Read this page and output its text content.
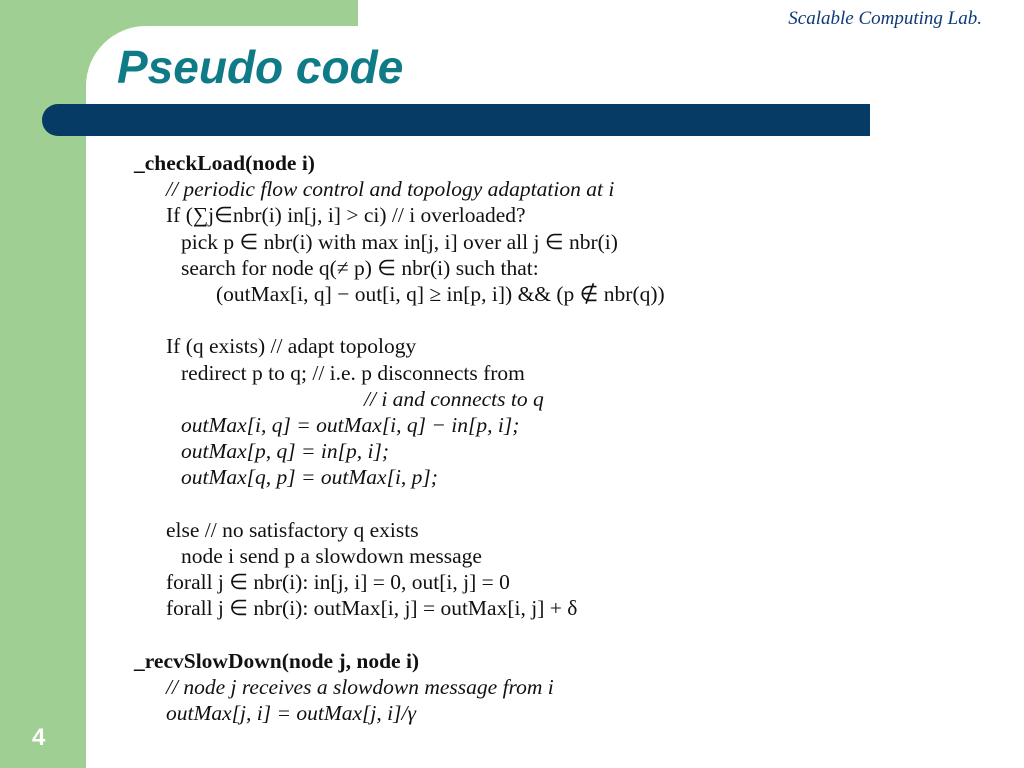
Scalable Computing Lab.
Pseudo code
_checkLoad(node i)
// periodic flow control and topology adaptation at i
If (∑j∈nbr(i) in[j, i] > ci) // i overloaded?
pick p ∈ nbr(i) with max in[j, i] over all j ∈ nbr(i)
search for node q(≠ p) ∈ nbr(i) such that:
(outMax[i, q] − out[i, q] ≥ in[p, i]) && (p ∉ nbr(q))
If (q exists) // adapt topology
redirect p to q; // i.e. p disconnects from
// i and connects to q
outMax[i, q] = outMax[i, q] − in[p, i];
outMax[p, q] = in[p, i];
outMax[q, p] = outMax[i, p];
else // no satisfactory q exists
node i send p a slowdown message
forall j ∈ nbr(i): in[j, i] = 0, out[i, j] = 0
forall j ∈ nbr(i): outMax[i, j] = outMax[i, j] + δ
_recvSlowDown(node j, node i)
// node j receives a slowdown message from i
outMax[j, i] = outMax[j, i]/γ
4
